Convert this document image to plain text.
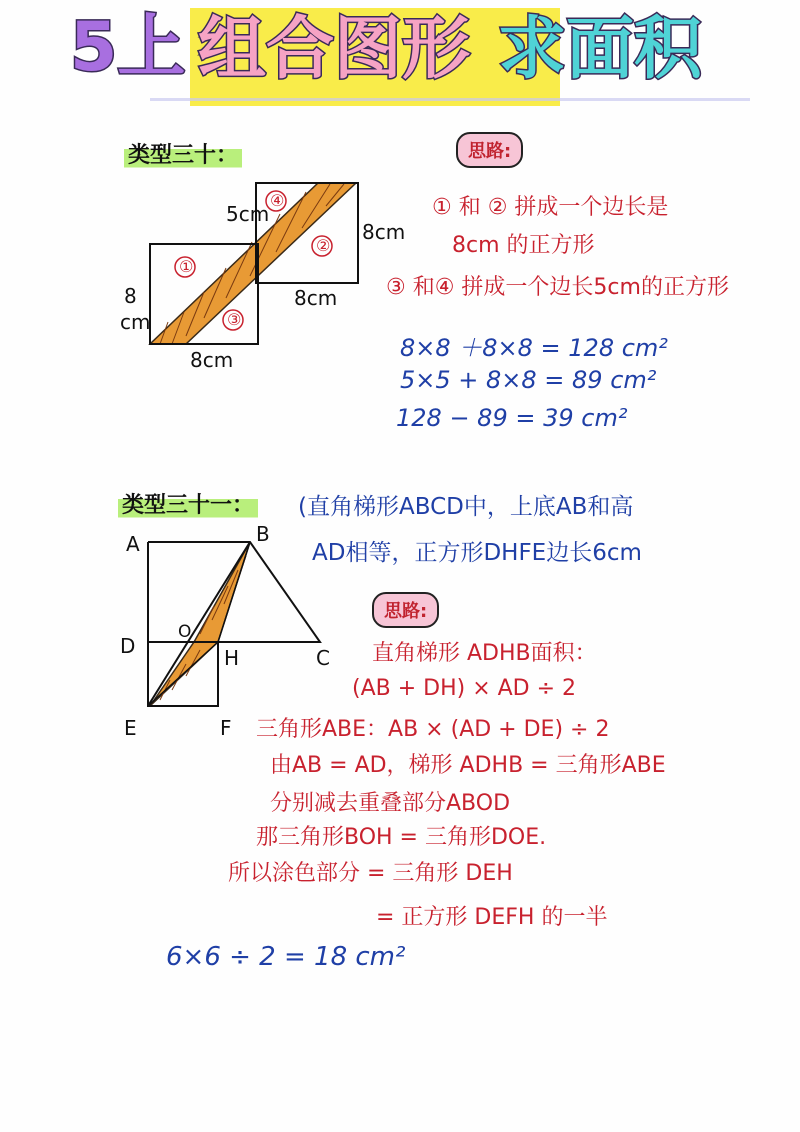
5上 组合图形 求面积
类型三十：	思路:
①
②
③
④
8
cm
8cm
8cm
5cm
8cm
① 和 ② 拼成一个边长是
8cm 的正方形
③ 和④ 拼成一个边长5cm的正方形
8×8 ＋8×8 = 128 cm²
5×5 + 8×8 = 89 cm²
128 − 89 = 39 cm²
类型三十一： (直角梯形ABCD中，上底AB和高
AD相等，正方形DHFE边长6cm
A	B
C
D
E	F
H
O
思路:
直角梯形 ADHB面积：
(AB + DH) × AD ÷ 2
三角形ABE：AB × (AD + DE) ÷ 2
由AB = AD，梯形 ADHB = 三角形ABE
分别减去重叠部分ABOD
那三角形BOH = 三角形DOE.
所以涂色部分 = 三角形 DEH
= 正方形 DEFH 的一半
6×6 ÷ 2 = 18 cm²
